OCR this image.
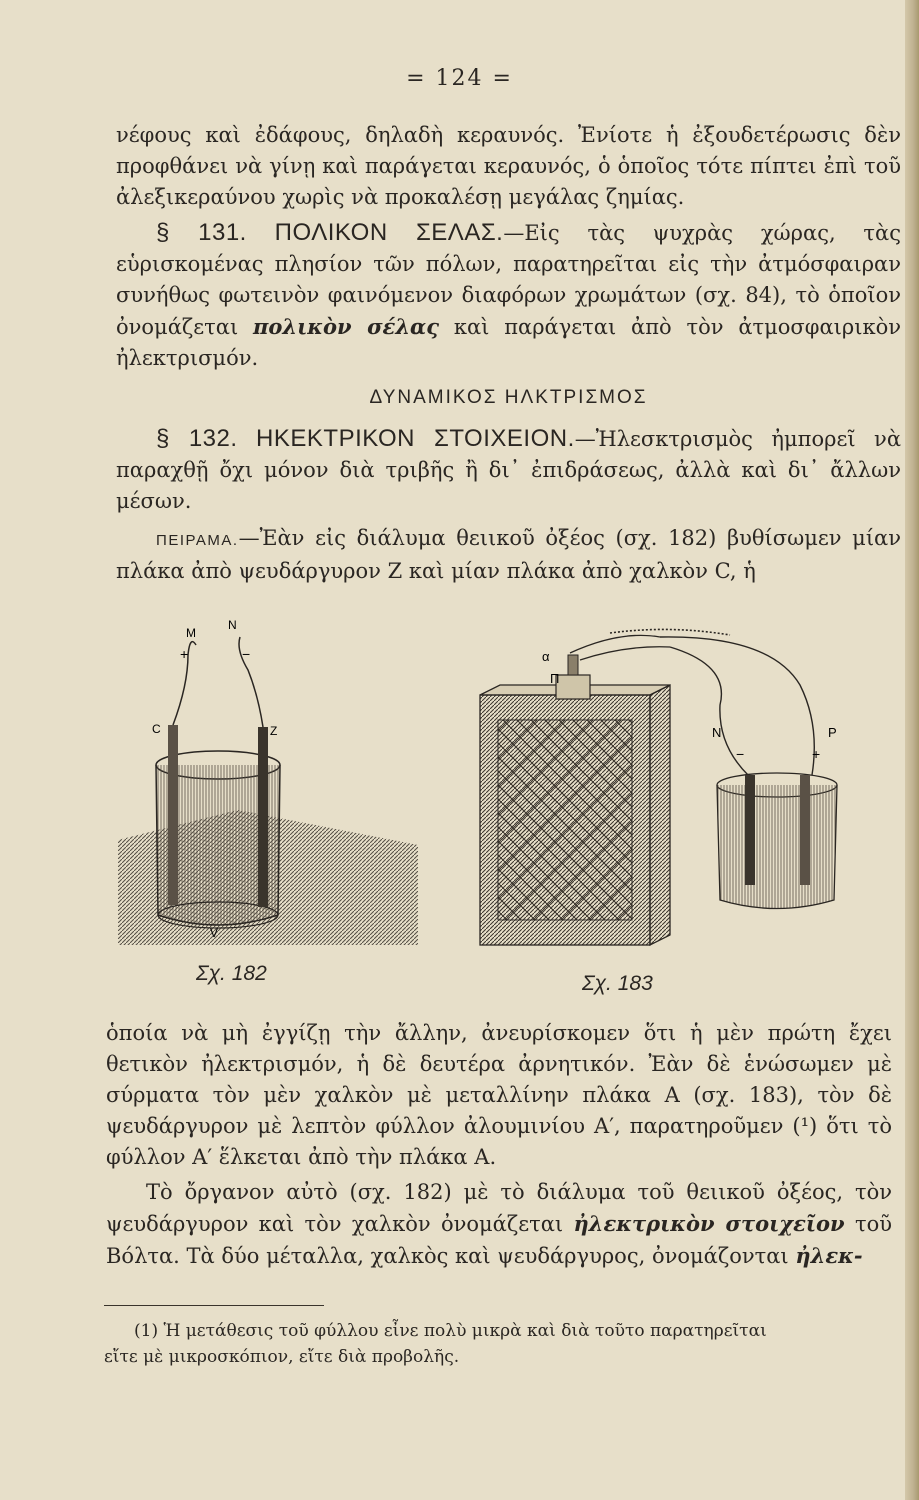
= 124 =

νέφους καὶ ἐδάφους, δηλαδὴ κεραυνός. Ἐνίοτε ἡ ἐξουδετέρωσις δὲν προφθάνει νὰ γίνῃ καὶ παράγεται κεραυνός, ὁ ὁποῖος τότε πίπτει ἐπὶ τοῦ ἀλεξικεραύνου χωρὶς νὰ προκαλέσῃ μεγάλας ζημίας.

§ 131. ΠΟΛΙΚΟΝ ΣΕΛΑΣ.—Εἰς τὰς ψυχρὰς χώρας, τὰς εὑρισκομένας πλησίον τῶν πόλων, παρατηρεῖται εἰς τὴν ἀτμόσφαιραν συνήθως φωτεινὸν φαινόμενον διαφόρων χρωμάτων (σχ. 84), τὸ ὁποῖον ὀνομάζεται πολικὸν σέλας καὶ παράγεται ἀπὸ τὸν ἀτμοσφαιρικὸν ἠλεκτρισμόν.

ΔΥΝΑΜΙΚΟΣ ΗΛΚΤΡΙΣΜΟΣ

§ 132. ΗΚΕΚΤΡΙΚΟΝ ΣΤΟΙΧΕΙΟΝ.—Ἠλεσκτρισμὸς ἠμπορεῖ νὰ παραχθῇ ὄχι μόνον διὰ τριβῆς ἢ δι᾿ ἐπιδράσεως, ἀλλὰ καὶ δι᾿ ἄλλων μέσων.

ΠΕΙΡΑΜΑ.—Ἐὰν εἰς διάλυμα θειικοῦ ὀξέος (σχ. 182) βυθίσωμεν μίαν πλάκα ἀπὸ ψευδάργυρον Ζ καὶ μίαν πλάκα ἀπὸ χαλκὸν C, ἡ

M
N
+	−
C	Z
V
Σχ. 182
Π
α
N	P
+
−
Σχ. 183

ὁποία νὰ μὴ ἐγγίζῃ τὴν ἄλλην, ἀνευρίσκομεν ὅτι ἡ μὲν πρώτη ἔχει θετικὸν ἠλεκτρισμόν, ἡ δὲ δευτέρα ἀρνητικόν. Ἐὰν δὲ ἑνώσωμεν μὲ σύρματα τὸν μὲν χαλκὸν μὲ μεταλλίνην πλάκα Α (σχ. 183), τὸν δὲ ψευδάργυρον μὲ λεπτὸν φύλλον ἀλουμινίου Α′, παρατηροῦμεν (¹) ὅτι τὸ φύλλον Α′ ἕλκεται ἀπὸ τὴν πλάκα Α.

Τὸ ὄργανον αὐτὸ (σχ. 182) μὲ τὸ διάλυμα τοῦ θειικοῦ ὀξέος, τὸν ψευδάργυρον καὶ τὸν χαλκὸν ὀνομάζεται ἠλεκτρικὸν στοιχεῖον τοῦ Βόλτα. Τὰ δύο μέταλλα, χαλκὸς καὶ ψευδάργυρος, ὀνομάζονται ἠλεκ-

(1) Ἡ μετάθεσις τοῦ φύλλου εἶνε πολὺ μικρὰ καὶ διὰ τοῦτο παρατηρεῖται

εἴτε μὲ μικροσκόπιον, εἴτε διὰ προβολῆς.
